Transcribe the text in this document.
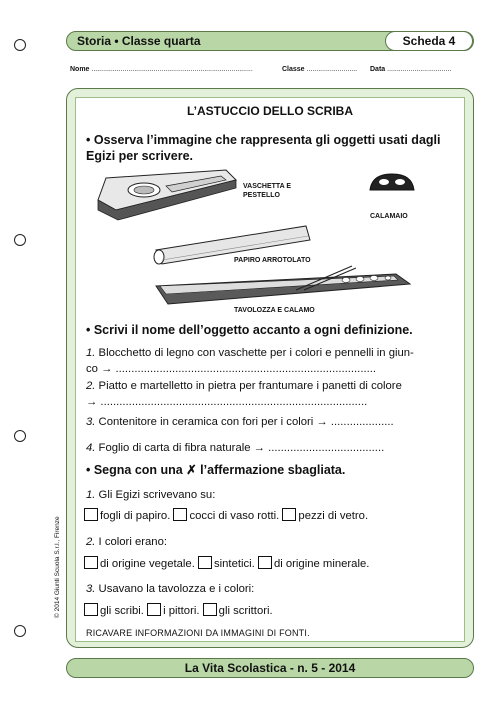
Storia • Classe quarta	Scheda 4
Nome ...................................................................................	Classe .......................... Data .................................
L’ASTUCCIO DELLO SCRIBA
• Osserva l’immagine che rappresenta gli oggetti usati dagli Egizi per scrivere.
VASCHETTA E PESTELLO
CALAMAIO
PAPIRO ARROTOLATO
TAVOLOZZA E CALAMO
• Scrivi il nome dell’oggetto accanto a ogni definizione.
1. Blocchetto di legno con vaschette per i colori e pennelli in giun-
co → ...................................................................................
2. Piatto e martelletto in pietra per frantumare i panetti di colore
→ .....................................................................................
3. Contenitore in ceramica con fori per i colori → ....................
4. Foglio di carta di fibra naturale → .....................................
• Segna con una ✗ l’affermazione sbagliata.
1. Gli Egizi scrivevano su:
fogli di papiro. cocci di vaso rotti. pezzi di vetro.
2. I colori erano:
di origine vegetale. sintetici. di origine minerale.
3. Usavano la tavolozza e i colori:
gli scribi. i pittori. gli scrittori.
RICAVARE INFORMAZIONI DA IMMAGINI DI FONTI.
© 2014 Giunti Scuola S.r.l., Firenze
La Vita Scolastica - n. 5 - 2014
